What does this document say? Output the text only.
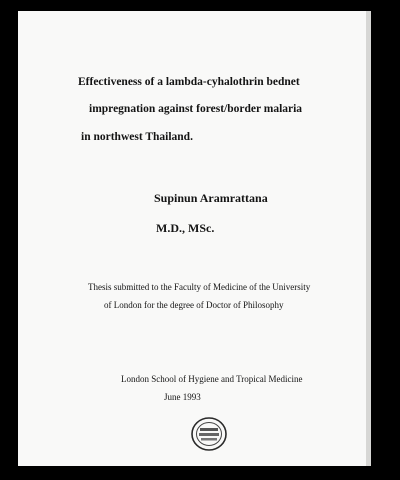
Effectiveness of a lambda-cyhalothrin bednet
impregnation against forest/border malaria
in northwest Thailand.
Supinun Aramrattana
M.D., MSc.
Thesis submitted to the Faculty of Medicine of the University
of London for the degree of Doctor of Philosophy
London School of Hygiene and Tropical Medicine
June 1993
